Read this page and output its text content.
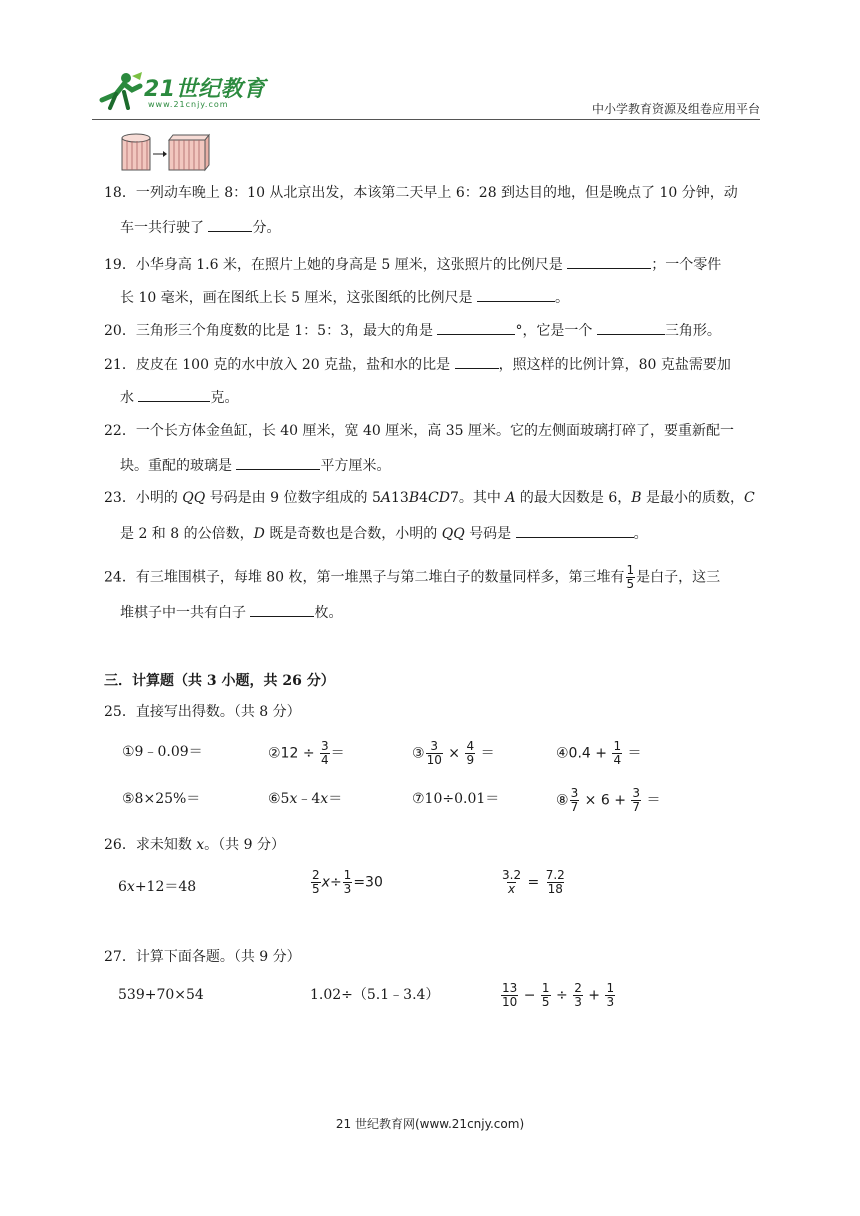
21世纪教育
www.21cnjy.com	中小学教育资源及组卷应用平台
18．一列动车晚上 8：10 从北京出发，本该第二天早上 6：28 到达目的地，但是晚点了 10 分钟，动
车一共行驶了	分。
19．小华身高 1.6 米，在照片上她的身高是 5 厘米，这张照片的比例尺是	；一个零件
长 10 毫米，画在图纸上长 5 厘米，这张图纸的比例尺是	。
20．三角形三个角度数的比是 1：5：3，最大的角是	°，它是一个	三角形。
21．皮皮在 100 克的水中放入 20 克盐，盐和水的比是	，照这样的比例计算，80 克盐需要加
水	克。
22．一个长方体金鱼缸，长 40 厘米，宽 40 厘米，高 35 厘米。它的左侧面玻璃打碎了，要重新配一
块。重配的玻璃是	平方厘米。
23．小明的 QQ 号码是由 9 位数字组成的 5A13B4CD7。其中 A 的最大因数是 6，B 是最小的质数，C
是 2 和 8 的公倍数，D 既是奇数也是合数，小明的 QQ 号码是	。
24．有三堆围棋子，每堆 80 枚，第一堆黑子与第二堆白子的数量同样多，第三堆有 $\frac{1}{5}$ 是白子，这三
堆棋子中一共有白子	枚。
三．计算题（共 3 小题，共 26 分）
25．直接写出得数。（共 8 分）
①9﹣0.09＝	②12 ÷ $\frac{3}{4}$ ＝	③ $\frac{3}{10} \times \frac{4}{9}$ ＝	④0.4 + $\frac{1}{4}$ ＝
⑤8×25%＝	⑥5x﹣4x＝	⑦10÷0.01＝	⑧ $\frac{3}{7} \times 6 + \frac{3}{7}$ ＝
26．求未知数 x。（共 9 分）
6x+12＝48	$\frac{2}{5} x\div \frac{1}{3} =30$	$\frac{3.2}{x} = \frac{7.2}{18}$
27．计算下面各题。（共 9 分）
539+70×54	1.02÷（5.1﹣3.4）	$\frac{13}{10} - \frac{1}{5} \div \frac{2}{3} + \frac{1}{3}$
21 世纪教育网(www.21cnjy.com)
